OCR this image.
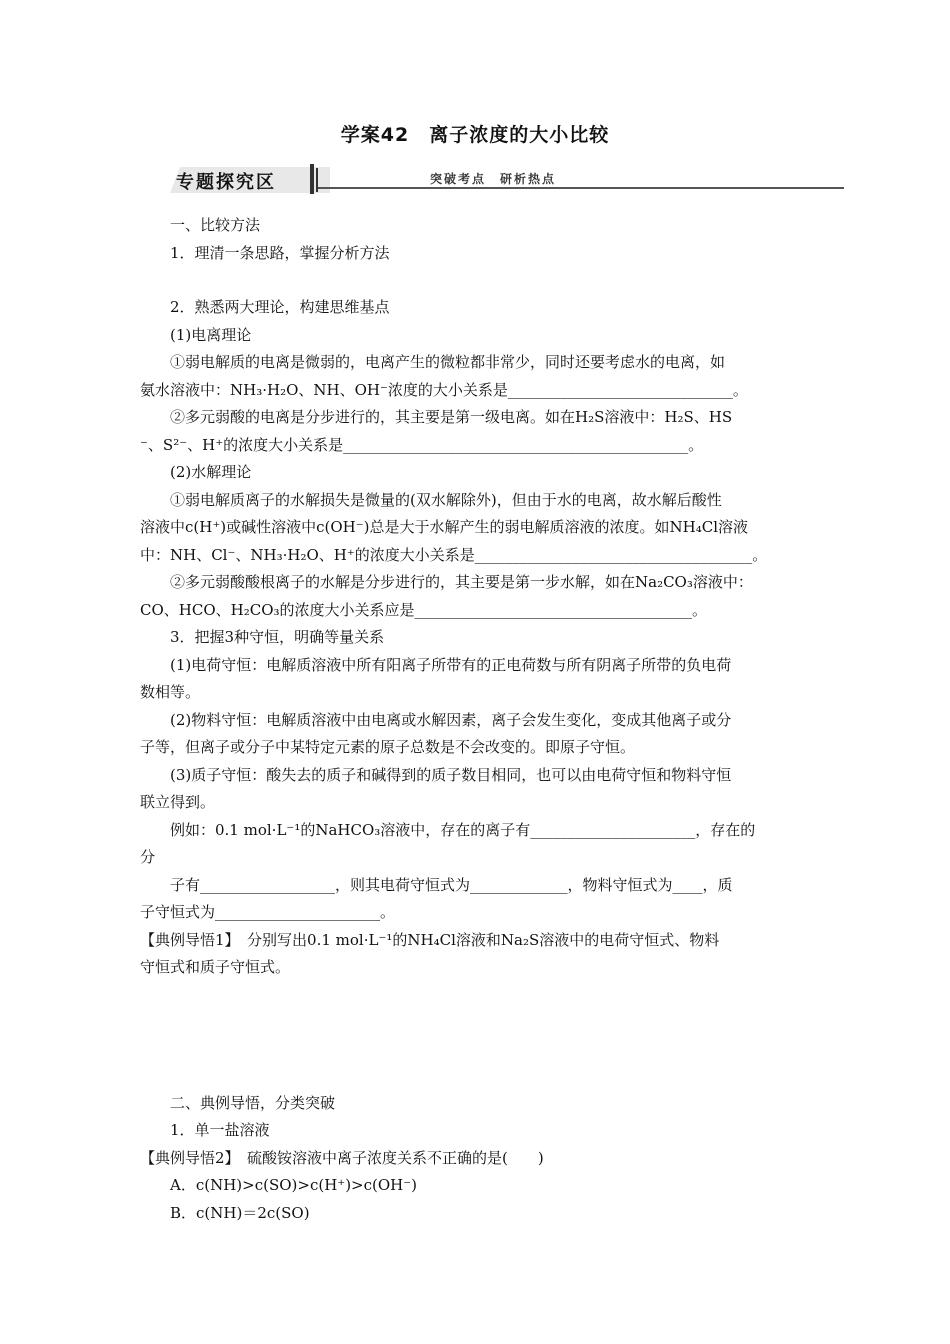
学案42　离子浓度的大小比较
专题探究区	突破考点　研析热点

一、比较方法

1．理清一条思路，掌握分析方法

2．熟悉两大理论，构建思维基点

(1)电离理论

①弱电解质的电离是微弱的，电离产生的微粒都非常少，同时还要考虑水的电离，如

氨水溶液中：NH₃·H₂O、NH、OH⁻浓度的大小关系是______________________________。

②多元弱酸的电离是分步进行的，其主要是第一级电离。如在H₂S溶液中：H₂S、HS

⁻、S²⁻、H⁺的浓度大小关系是______________________________________________。

(2)水解理论

①弱电解质离子的水解损失是微量的(双水解除外)，但由于水的电离，故水解后酸性

溶液中c(H⁺)或碱性溶液中c(OH⁻)总是大于水解产生的弱电解质溶液的浓度。如NH₄Cl溶液

中：NH、Cl⁻、NH₃·H₂O、H⁺的浓度大小关系是_____________________________________。

②多元弱酸酸根离子的水解是分步进行的，其主要是第一步水解，如在Na₂CO₃溶液中：

CO、HCO、H₂CO₃的浓度大小关系应是_____________________________________。

3．把握3种守恒，明确等量关系

(1)电荷守恒：电解质溶液中所有阳离子所带有的正电荷数与所有阴离子所带的负电荷

数相等。

(2)物料守恒：电解质溶液中由电离或水解因素，离子会发生变化，变成其他离子或分

子等，但离子或分子中某特定元素的原子总数是不会改变的。即原子守恒。

(3)质子守恒：酸失去的质子和碱得到的质子数目相同，也可以由电荷守恒和物料守恒

联立得到。

例如：0.1 mol·L⁻¹的NaHCO₃溶液中，存在的离子有______________________，存在的

分

子有__________________，则其电荷守恒式为_____________，物料守恒式为____，质

子守恒式为______________________。

【典例导悟1】　分别写出0.1 mol·L⁻¹的NH₄Cl溶液和Na₂S溶液中的电荷守恒式、物料

守恒式和质子守恒式。

二、典例导悟，分类突破

1．单一盐溶液

【典例导悟2】　硫酸铵溶液中离子浓度关系不正确的是(　　)

A．c(NH)>c(SO)>c(H⁺)>c(OH⁻)

B．c(NH)＝2c(SO)
